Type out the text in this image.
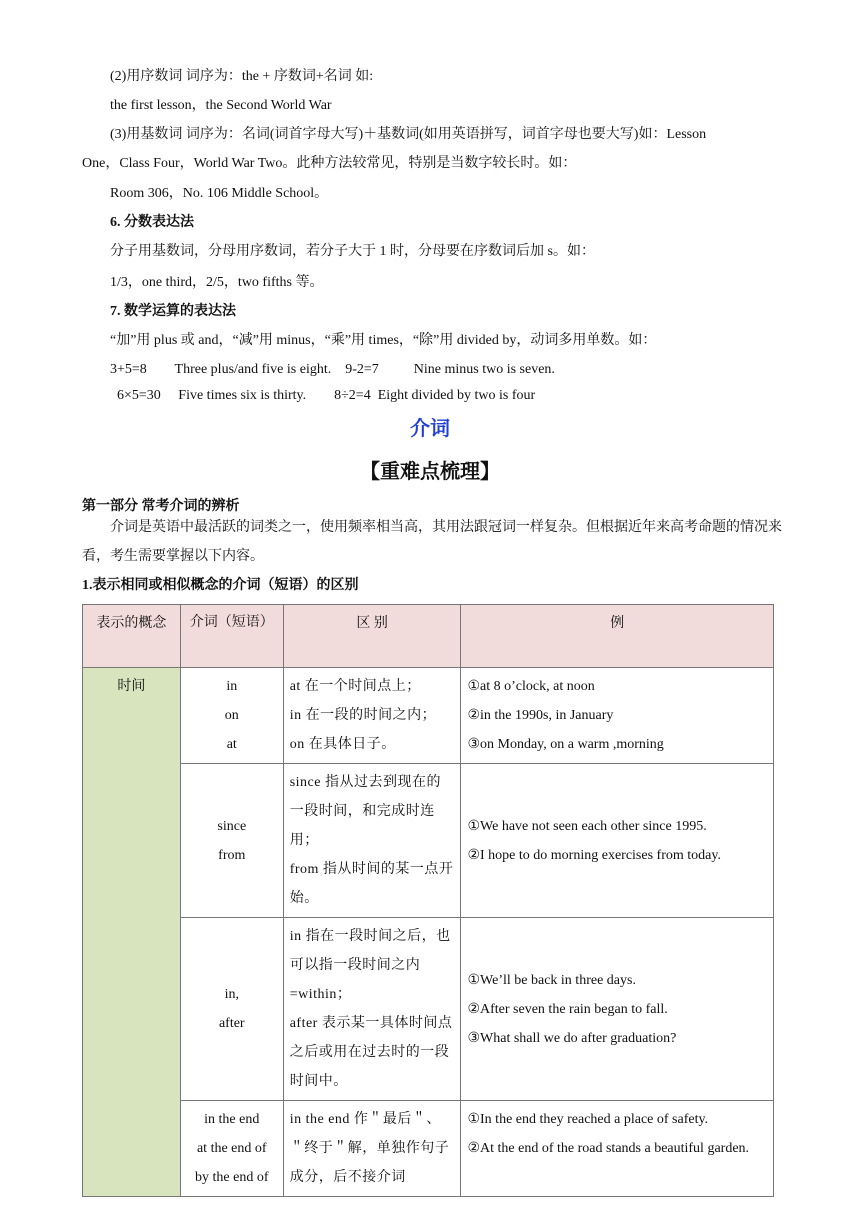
(2)用序数词 词序为：the + 序数词+名词 如:
the first lesson，the Second World War
(3)用基数词 词序为：名词(词首字母大写)＋基数词(如用英语拼写，词首字母也要大写)如：Lesson
One，Class Four，World War Two。此种方法较常见，特别是当数字较长时。如：
Room 306，No. 106 Middle School。
6. 分数表达法
分子用基数词，分母用序数词，若分子大于 1 时，分母要在序数词后加 s。如：
1/3，one third，2/5，two fifths 等。
7. 数学运算的表达法
“加”用 plus 或 and，“减”用 minus，“乘”用 times，“除”用 divided by，动词多用单数。如：
3+5=8        Three plus/and five is eight.    9-2=7          Nine minus two is seven.
6×5=30     Five times six is thirty.        8÷2=4  Eight divided by two is four
介词
【重难点梳理】
第一部分 常考介词的辨析
介词是英语中最活跃的词类之一，使用频率相当高，其用法跟冠词一样复杂。但根据近年来高考命题的情况来看，考生需要掌握以下内容。
1.表示相同或相似概念的介词（短语）的区别
表示的概念	介词（短语）	区 别	例
时间	in
on
at	at 在一个时间点上；
in 在一段的时间之内；
on 在具体日子。	①at 8 o’clock, at noon
②in the 1990s, in January
③on Monday, on a warm ,morning

	since
from	since 指从过去到现在的一段时间，和完成时连用；
from 指从时间的某一点开始。	①We have not seen each other since 1995.
②I hope to do morning exercises from today.

	in,
after	in 指在一段时间之后，也可以指一段时间之内=within；
after 表示某一具体时间点之后或用在过去时的一段时间中。	①We’ll be back in three days.
②After seven the rain began to fall.
③What shall we do after graduation?

	in the end
at the end of
by the end of	in the end 作＂最后＂、＂终于＂解，单独作句子成分，后不接介词	①In the end they reached a place of safety.
②At the end of the road stands a beautiful garden.
